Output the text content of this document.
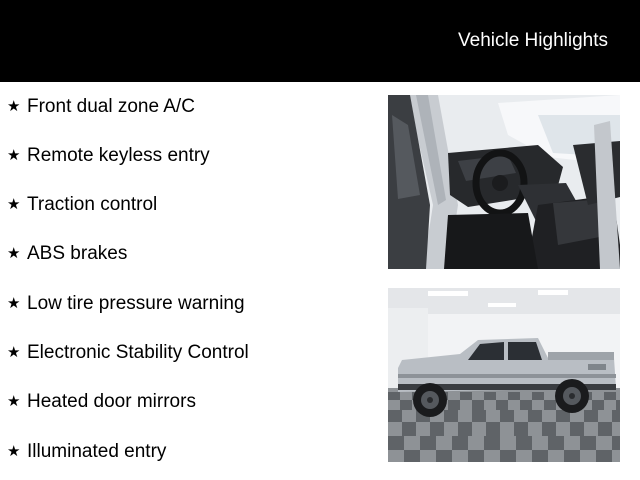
Vehicle Highlights
★ Front dual zone A/C
★ Remote keyless entry
★ Traction control
★ ABS brakes
★ Low tire pressure warning
★ Electronic Stability Control
★ Heated door mirrors
★ Illuminated entry
